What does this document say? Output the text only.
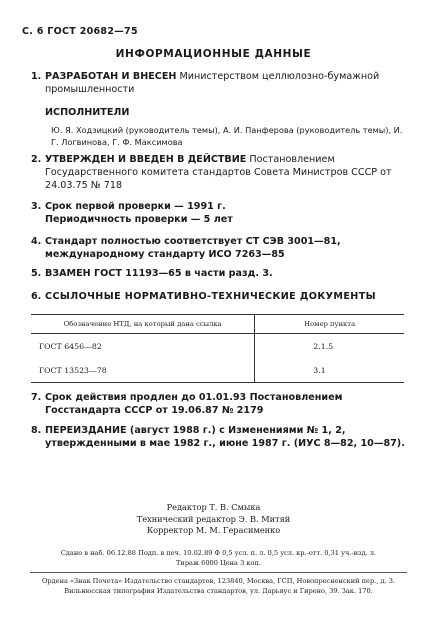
С. 6 ГОСТ 20682—75
ИНФОРМАЦИОННЫЕ ДАННЫЕ
1. РАЗРАБОТАН И ВНЕСЕН Министерством целлюлозно-бумажной промышленности
ИСПОЛНИТЕЛИ
Ю. Я. Ходзицкий (руководитель темы), А. И. Панферова (руководитель темы), И. Г. Логвинова, Г. Ф. Максимова
2. УТВЕРЖДЕН И ВВЕДЕН В ДЕЙСТВИЕ Постановлением Государственного комитета стандартов Совета Министров СССР от 24.03.75 № 718
3. Срок первой проверки — 1991 г.
Периодичность проверки — 5 лет
4. Стандарт полностью соответствует СТ СЭВ 3001—81, международному стандарту ИСО 7263—85
5. ВЗАМЕН ГОСТ 11193—65 в части разд. 3.
6. ССЫЛОЧНЫЕ НОРМАТИВНО-ТЕХНИЧЕСКИЕ ДОКУМЕНТЫ
Обозначение НТД, на который дана ссылка	Номер пункта
ГОСТ 6456—82	2.1.5
ГОСТ 13523—78	3.1
7. Срок действия продлен до 01.01.93 Постановлением Госстандарта СССР от 19.06.87 № 2179
8. ПЕРЕИЗДАНИЕ (август 1988 г.) с Изменениями № 1, 2, утвержденными в мае 1982 г., июне 1987 г. (ИУС 8—82, 10—87).
Редактор Т. В. Смыка
Технический редактор Э. В. Митяй
Корректор М. М. Герасименко
Сдано в наб. 06.12.88 Подп. в печ. 10.02.89 Ф 0,5 усл. п. л. 0,5 усл. кр.-отт. 0,31 уч.-изд. л.
Тираж 6000 Цена 3 коп.
Ордена «Знак Почета» Издательство стандартов, 123840, Москва, ГСП, Новопресненский пер., д. 3.
Вильнюсская типография Издательства стандартов, ул. Дарьяус и Гирено, 39. Зак. 170.
